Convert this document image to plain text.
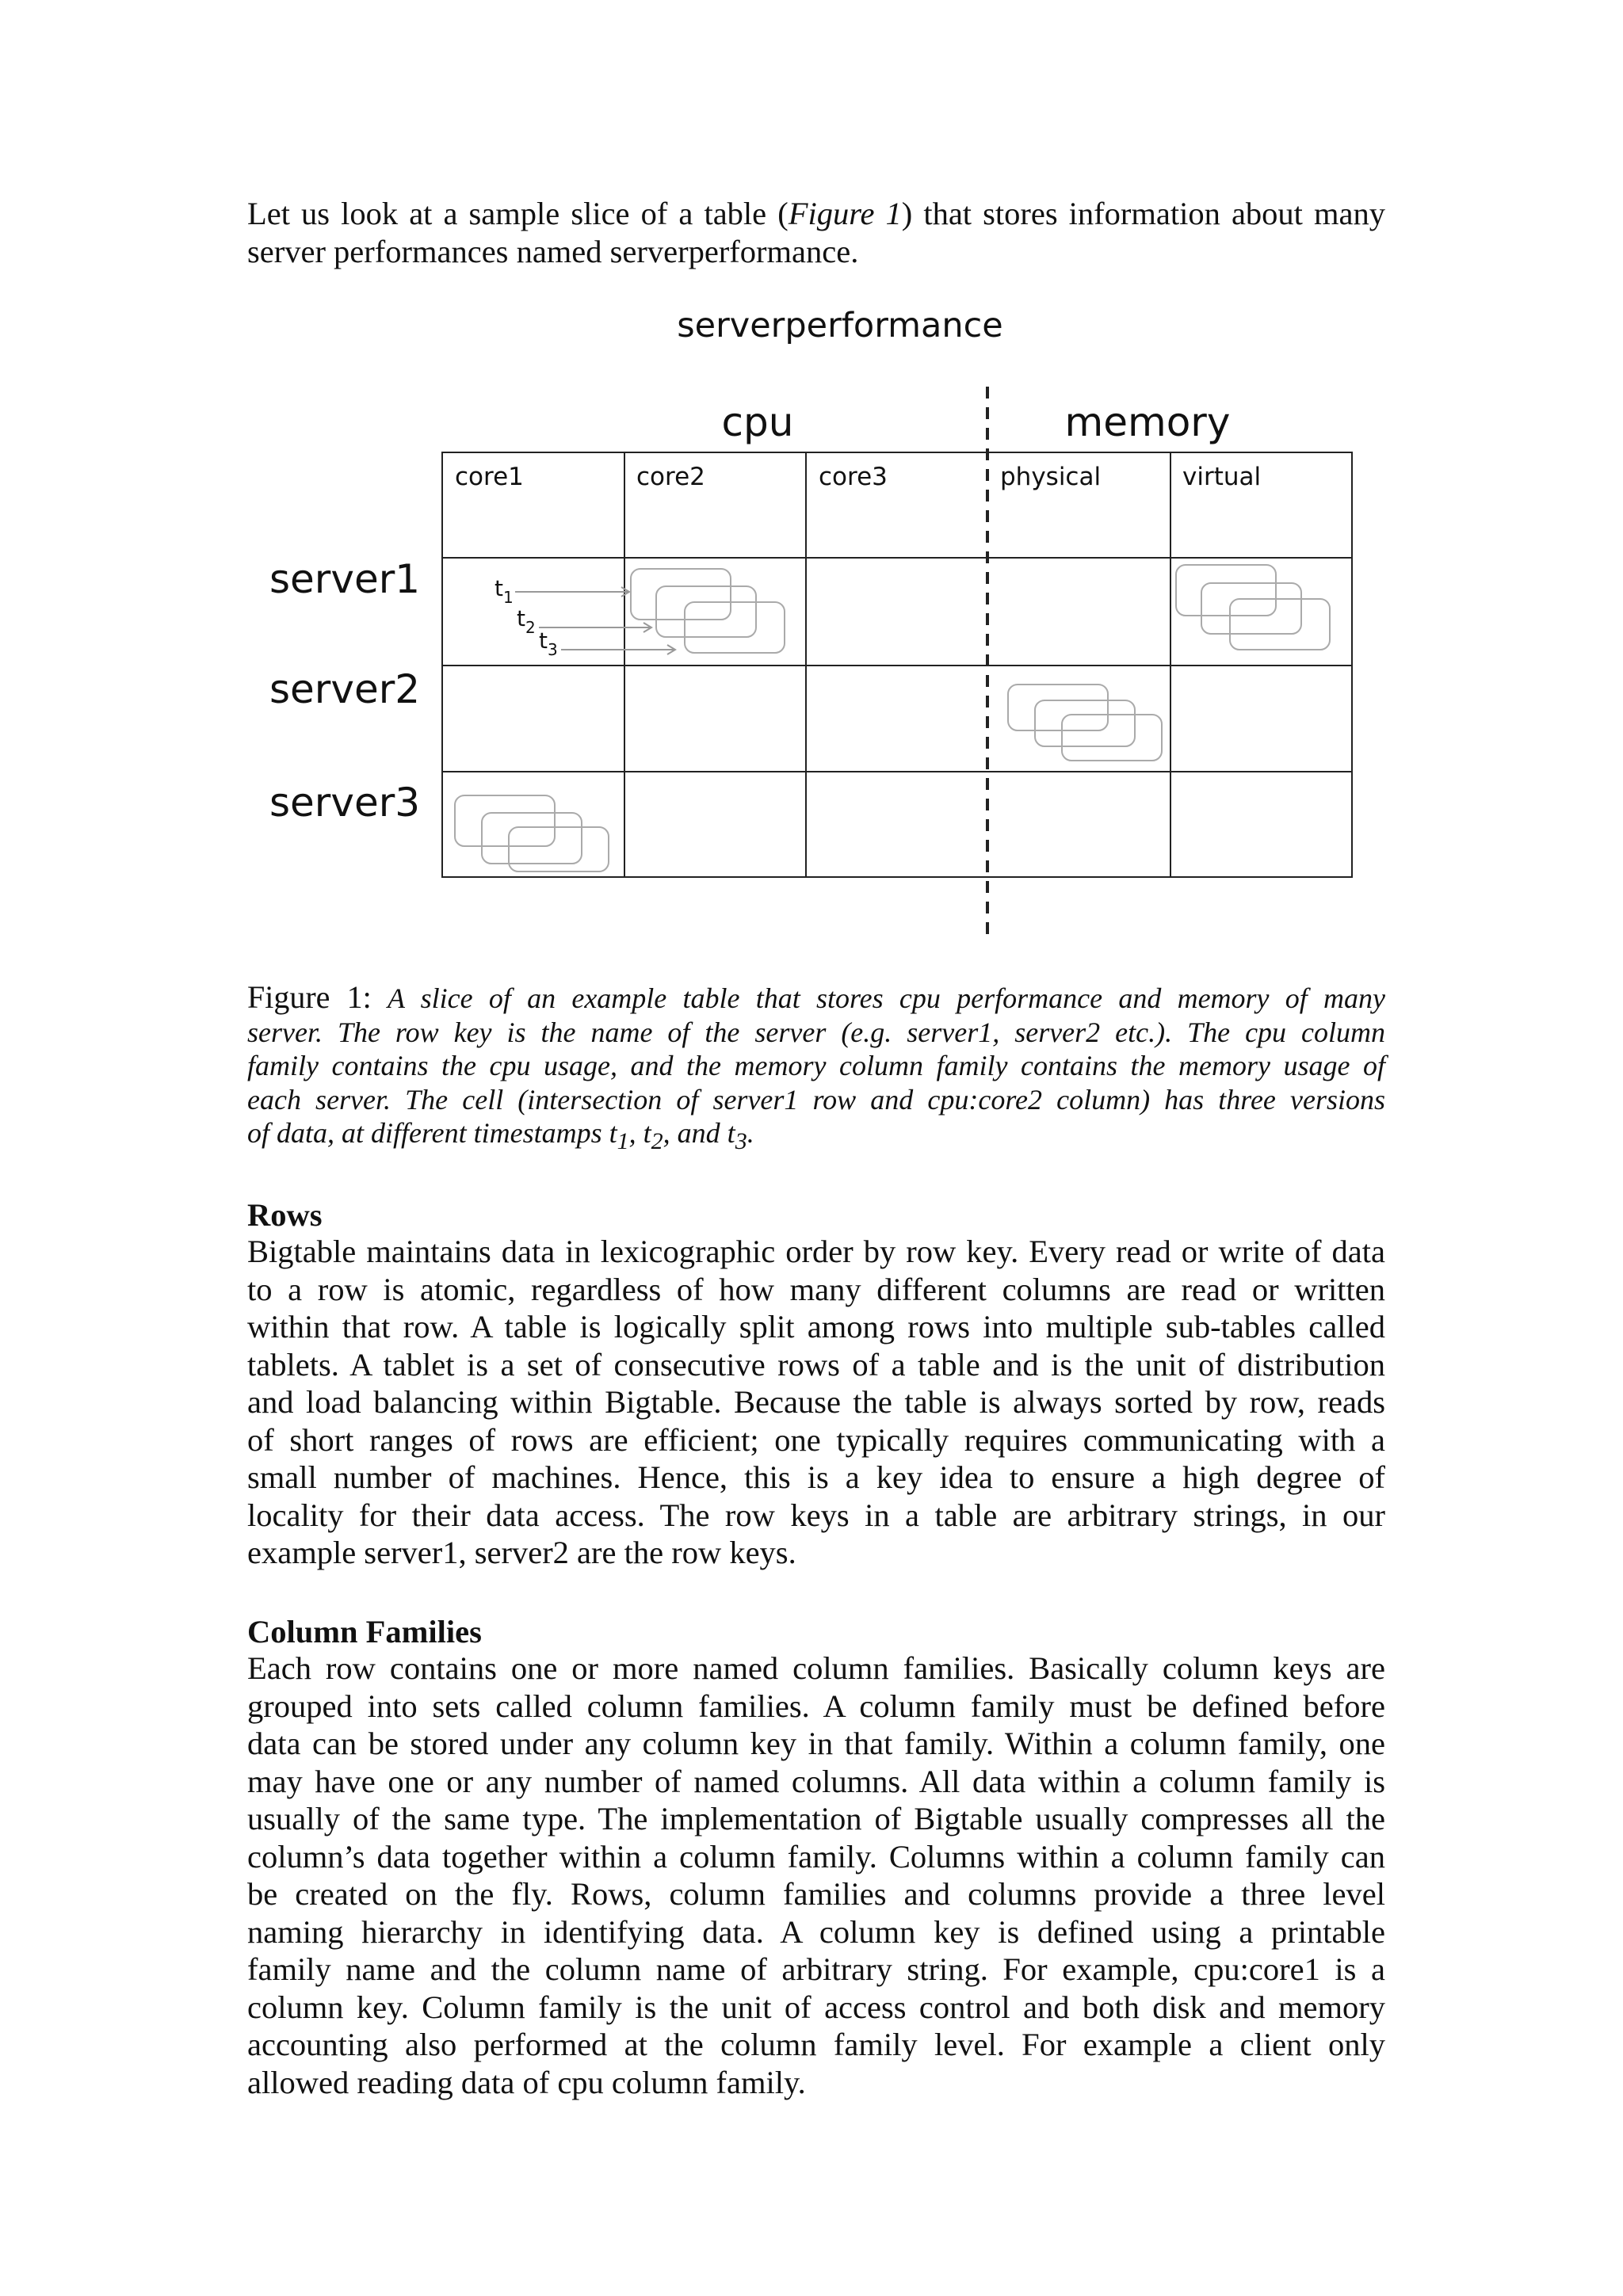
Let us look at a sample slice of a table (Figure 1) that stores information about many
server performances named serverperformance.
serverperformance
cpu	memory
core1	core2	core3	physical	virtual
server1
server2
server3
$t_1$
$t_2$ $t_3$
Figure 1: A slice of an example table that stores cpu performance and memory of many
server. The row key is the name of the server (e.g. server1, server2 etc.). The cpu column
family contains the cpu usage, and the memory column family contains the memory usage of
each server. The cell (intersection of server1 row and cpu:core2 column) has three versions
of data, at different timestamps $t_1$, $t_2$, and $t_3$.
Rows
Bigtable maintains data in lexicographic order by row key. Every read or write of data
to a row is atomic, regardless of how many different columns are read or written
within that row. A table is logically split among rows into multiple sub-tables called
tablets. A tablet is a set of consecutive rows of a table and is the unit of distribution
and load balancing within Bigtable. Because the table is always sorted by row, reads
of short ranges of rows are efficient; one typically requires communicating with a
small number of machines. Hence, this is a key idea to ensure a high degree of
locality for their data access. The row keys in a table are arbitrary strings, in our
example server1, server2 are the row keys.
Column Families
Each row contains one or more named column families. Basically column keys are
grouped into sets called column families. A column family must be defined before
data can be stored under any column key in that family. Within a column family, one
may have one or any number of named columns. All data within a column family is
usually of the same type. The implementation of Bigtable usually compresses all the
column’s data together within a column family. Columns within a column family can
be created on the fly. Rows, column families and columns provide a three level
naming hierarchy in identifying data. A column key is defined using a printable
family name and the column name of arbitrary string. For example, cpu:core1 is a
column key. Column family is the unit of access control and both disk and memory
accounting also performed at the column family level. For example a client only
allowed reading data of cpu column family.
